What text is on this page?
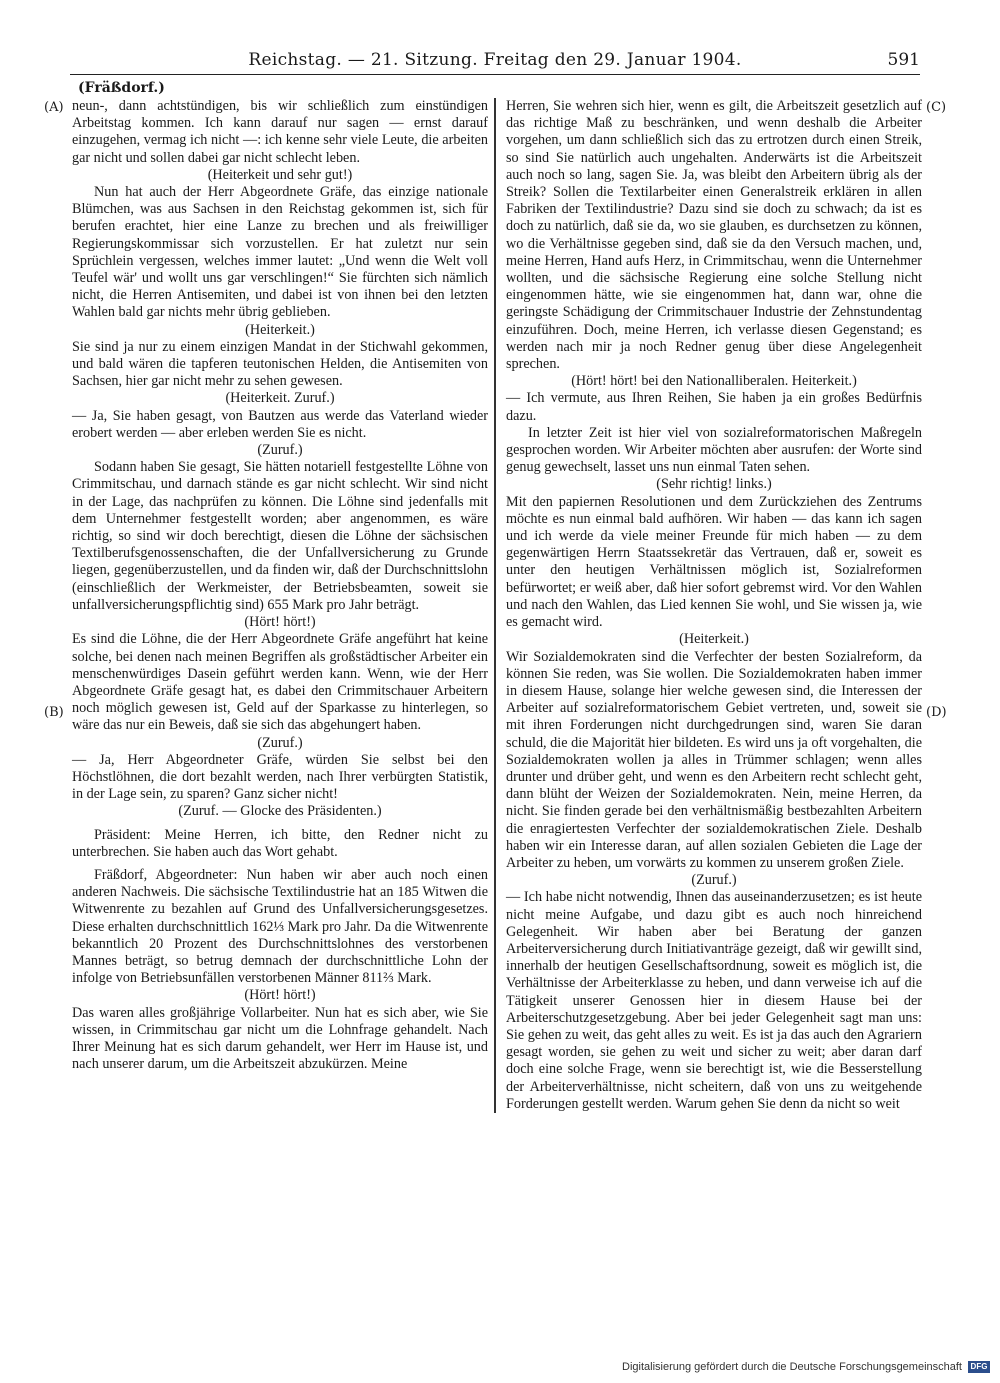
Reichstag. — 21. Sitzung. Freitag den 29. Januar 1904.	591
(Fräßdorf.)
(A)
(B)
(C)
(D)

neun-, dann achtstündigen, bis wir schließlich zum einstündigen Arbeitstag kommen. Ich kann darauf nur sagen — ernst darauf einzugehen, vermag ich nicht —: ich kenne sehr viele Leute, die arbeiten gar nicht und sollen dabei gar nicht schlecht leben.

(Heiterkeit und sehr gut!)

Nun hat auch der Herr Abgeordnete Gräfe, das einzige nationale Blümchen, was aus Sachsen in den Reichstag gekommen ist, sich für berufen erachtet, hier eine Lanze zu brechen und als freiwilliger Regierungskommissar sich vorzustellen. Er hat zuletzt nur sein Sprüchlein vergessen, welches immer lautet: „Und wenn die Welt voll Teufel wär' und wollt uns gar verschlingen!“ Sie fürchten sich nämlich nicht, die Herren Antisemiten, und dabei ist von ihnen bei den letzten Wahlen bald gar nichts mehr übrig geblieben.

(Heiterkeit.)

Sie sind ja nur zu einem einzigen Mandat in der Stichwahl gekommen, und bald wären die tapferen teutonischen Helden, die Antisemiten von Sachsen, hier gar nicht mehr zu sehen gewesen.

(Heiterkeit. Zuruf.)

— Ja, Sie haben gesagt, von Bautzen aus werde das Vaterland wieder erobert werden — aber erleben werden Sie es nicht.

(Zuruf.)

Sodann haben Sie gesagt, Sie hätten notariell festgestellte Löhne von Crimmitschau, und darnach stände es gar nicht schlecht. Wir sind nicht in der Lage, das nachprüfen zu können. Die Löhne sind jedenfalls mit dem Unternehmer festgestellt worden; aber angenommen, es wäre richtig, so sind wir doch berechtigt, diesen die Löhne der sächsischen Textilberufsgenossenschaften, die der Unfallversicherung zu Grunde liegen, gegenüberzustellen, und da finden wir, daß der Durchschnittslohn (einschließlich der Werkmeister, der Betriebsbeamten, soweit sie unfallversicherungspflichtig sind) 655 Mark pro Jahr beträgt.

(Hört! hört!)

Es sind die Löhne, die der Herr Abgeordnete Gräfe angeführt hat keine solche, bei denen nach meinen Begriffen als großstädtischer Arbeiter ein menschenwürdiges Dasein geführt werden kann. Wenn, wie der Herr Abgeordnete Gräfe gesagt hat, es dabei den Crimmitschauer Arbeitern noch möglich gewesen ist, Geld auf der Sparkasse zu hinterlegen, so wäre das nur ein Beweis, daß sie sich das abgehungert haben.

(Zuruf.)

— Ja, Herr Abgeordneter Gräfe, würden Sie selbst bei den Höchstlöhnen, die dort bezahlt werden, nach Ihrer verbürgten Statistik, in der Lage sein, zu sparen? Ganz sicher nicht!

(Zuruf. — Glocke des Präsidenten.)

Präsident: Meine Herren, ich bitte, den Redner nicht zu unterbrechen. Sie haben auch das Wort gehabt.

Fräßdorf, Abgeordneter: Nun haben wir aber auch noch einen anderen Nachweis. Die sächsische Textilindustrie hat an 185 Witwen die Witwenrente zu bezahlen auf Grund des Unfallversicherungsgesetzes. Diese erhalten durchschnittlich 162⅓ Mark pro Jahr. Da die Witwenrente bekanntlich 20 Prozent des Durchschnittslohnes des verstorbenen Mannes beträgt, so betrug demnach der durchschnittliche Lohn der infolge von Betriebsunfällen verstorbenen Männer 811⅔ Mark.

(Hört! hört!)

Das waren alles großjährige Vollarbeiter. Nun hat es sich aber, wie Sie wissen, in Crimmitschau gar nicht um die Lohnfrage gehandelt. Nach Ihrer Meinung hat es sich darum gehandelt, wer Herr im Hause ist, und nach unserer darum, um die Arbeitszeit abzukürzen. Meine

Herren, Sie wehren sich hier, wenn es gilt, die Arbeitszeit gesetzlich auf das richtige Maß zu beschränken, und wenn deshalb die Arbeiter vorgehen, um dann schließlich sich das zu ertrotzen durch einen Streik, so sind Sie natürlich auch ungehalten. Anderwärts ist die Arbeitszeit auch noch so lang, sagen Sie. Ja, was bleibt den Arbeitern übrig als der Streik? Sollen die Textilarbeiter einen Generalstreik erklären in allen Fabriken der Textilindustrie? Dazu sind sie doch zu schwach; da ist es doch zu natürlich, daß sie da, wo sie glauben, es durchsetzen zu können, wo die Verhältnisse gegeben sind, daß sie da den Versuch machen, und, meine Herren, Hand aufs Herz, in Crimmitschau, wenn die Unternehmer wollten, und die sächsische Regierung eine solche Stellung nicht eingenommen hätte, wie sie eingenommen hat, dann war, ohne die geringste Schädigung der Crimmitschauer Industrie der Zehnstundentag einzuführen. Doch, meine Herren, ich verlasse diesen Gegenstand; es werden nach mir ja noch Redner genug über diese Angelegenheit sprechen.

(Hört! hört! bei den Nationalliberalen. Heiterkeit.)

— Ich vermute, aus Ihren Reihen, Sie haben ja ein großes Bedürfnis dazu.

In letzter Zeit ist hier viel von sozialreformatorischen Maßregeln gesprochen worden. Wir Arbeiter möchten aber ausrufen: der Worte sind genug gewechselt, lasset uns nun einmal Taten sehen.

(Sehr richtig! links.)

Mit den papiernen Resolutionen und dem Zurückziehen des Zentrums möchte es nun einmal bald aufhören. Wir haben — das kann ich sagen und ich werde da viele meiner Freunde für mich haben — zu dem gegenwärtigen Herrn Staatssekretär das Vertrauen, daß er, soweit es unter den heutigen Verhältnissen möglich ist, Sozialreformen befürwortet; er weiß aber, daß hier sofort gebremst wird. Vor den Wahlen und nach den Wahlen, das Lied kennen Sie wohl, und Sie wissen ja, wie es gemacht wird.

(Heiterkeit.)

Wir Sozialdemokraten sind die Verfechter der besten Sozialreform, da können Sie reden, was Sie wollen. Die Sozialdemokraten haben immer in diesem Hause, solange hier welche gewesen sind, die Interessen der Arbeiter auf sozialreformatorischem Gebiet vertreten, und, soweit sie mit ihren Forderungen nicht durchgedrungen sind, waren Sie daran schuld, die die Majorität hier bildeten. Es wird uns ja oft vorgehalten, die Sozialdemokraten wollen ja alles in Trümmer schlagen; wenn alles drunter und drüber geht, und wenn es den Arbeitern recht schlecht geht, dann blüht der Weizen der Sozialdemokraten. Nein, meine Herren, da nicht. Sie finden gerade bei den verhältnismäßig bestbezahlten Arbeitern die enragiertesten Verfechter der sozialdemokratischen Ziele. Deshalb haben wir ein Interesse daran, auf allen sozialen Gebieten die Lage der Arbeiter zu heben, um vorwärts zu kommen zu unserem großen Ziele.

(Zuruf.)

— Ich habe nicht notwendig, Ihnen das auseinanderzusetzen; es ist heute nicht meine Aufgabe, und dazu gibt es auch noch hinreichend Gelegenheit. Wir haben aber bei Beratung der ganzen Arbeiterversicherung durch Initiativanträge gezeigt, daß wir gewillt sind, innerhalb der heutigen Gesellschaftsordnung, soweit es möglich ist, die Verhältnisse der Arbeiterklasse zu heben, und dann verweise ich auf die Tätigkeit unserer Genossen hier in diesem Hause bei der Arbeiterschutzgesetzgebung. Aber bei jeder Gelegenheit sagt man uns: Sie gehen zu weit, das geht alles zu weit. Es ist ja das auch den Agrariern gesagt worden, sie gehen zu weit und sicher zu weit; aber daran darf doch eine solche Frage, wenn sie berechtigt ist, wie die Besserstellung der Arbeiterverhältnisse, nicht scheitern, daß von uns zu weitgehende Forderungen gestellt werden. Warum gehen Sie denn da nicht so weit

Digitalisierung gefördert durch die Deutsche Forschungsgemeinschaft	DFG
